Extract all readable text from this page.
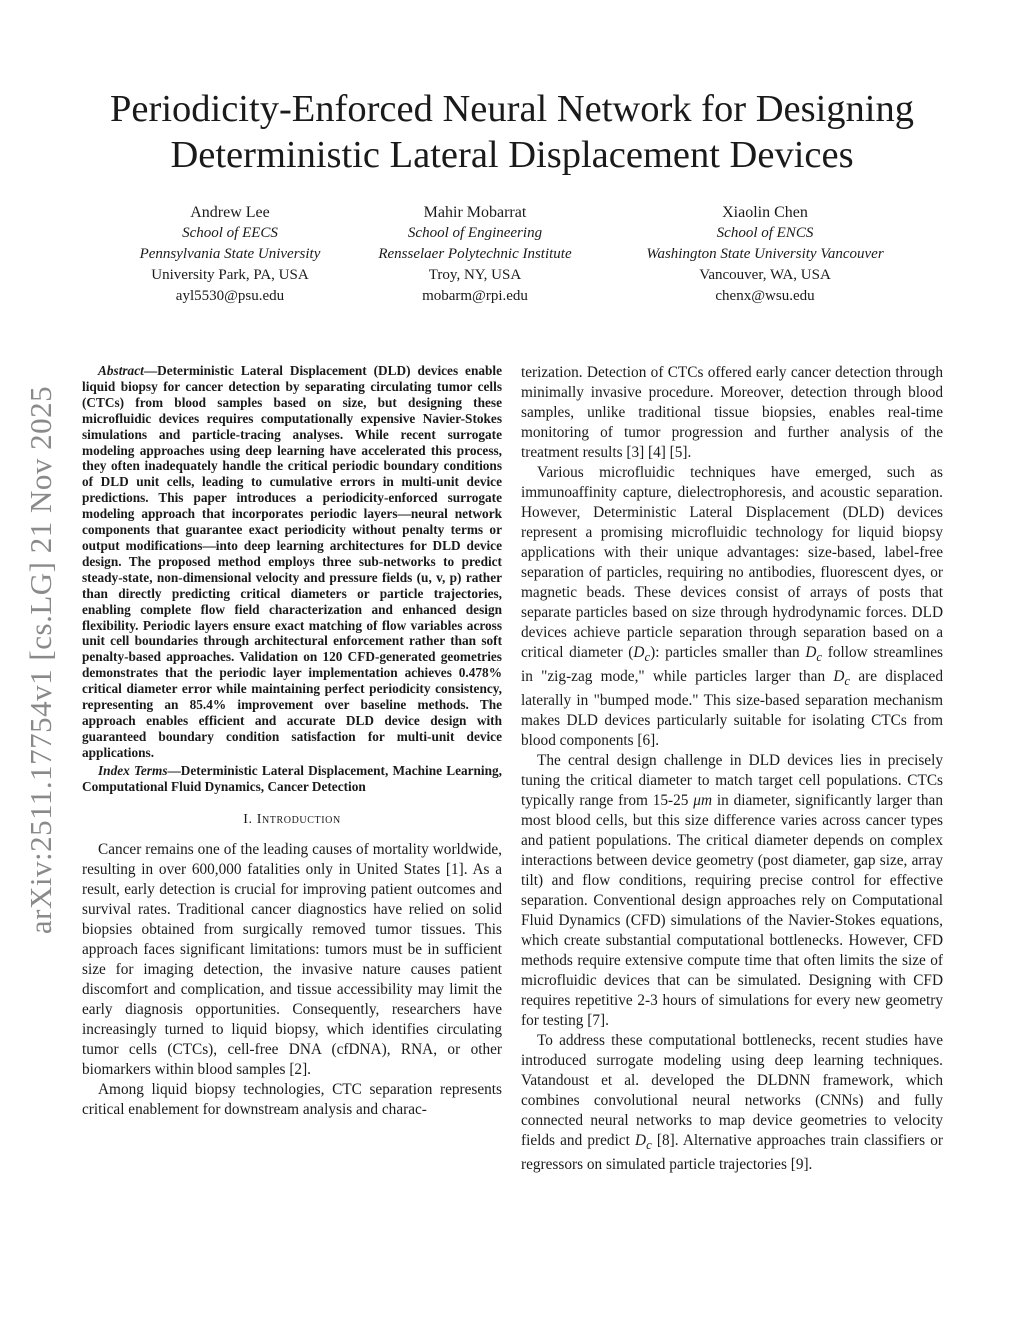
Periodicity-Enforced Neural Network for Designing
Deterministic Lateral Displacement Devices
Andrew Lee
School of EECS
Pennsylvania State University
University Park, PA, USA
ayl5530@psu.edu
Mahir Mobarrat
School of Engineering
Rensselaer Polytechnic Institute
Troy, NY, USA
mobarm@rpi.edu
Xiaolin Chen
School of ENCS
Washington State University Vancouver
Vancouver, WA, USA
chenx@wsu.edu
arXiv:2511.17754v1 [cs.LG] 21 Nov 2025

Abstract—Deterministic Lateral Displacement (DLD) devices enable liquid biopsy for cancer detection by separating circulating tumor cells (CTCs) from blood samples based on size, but designing these microfluidic devices requires computationally expensive Navier-Stokes simulations and particle-tracing analyses. While recent surrogate modeling approaches using deep learning have accelerated this process, they often inadequately handle the critical periodic boundary conditions of DLD unit cells, leading to cumulative errors in multi-unit device predictions. This paper introduces a periodicity-enforced surrogate modeling approach that incorporates periodic layers—neural network components that guarantee exact periodicity without penalty terms or output modifications—into deep learning architectures for DLD device design. The proposed method employs three sub-networks to predict steady-state, non-dimensional velocity and pressure fields (u, v, p) rather than directly predicting critical diameters or particle trajectories, enabling complete flow field characterization and enhanced design flexibility. Periodic layers ensure exact matching of flow variables across unit cell boundaries through architectural enforcement rather than soft penalty-based approaches. Validation on 120 CFD-generated geometries demonstrates that the periodic layer implementation achieves 0.478% critical diameter error while maintaining perfect periodicity consistency, representing an 85.4% improvement over baseline methods. The approach enables efficient and accurate DLD device design with guaranteed boundary condition satisfaction for multi-unit device applications.

Index Terms—Deterministic Lateral Displacement, Machine Learning, Computational Fluid Dynamics, Cancer Detection

I. Introduction

Cancer remains one of the leading causes of mortality worldwide, resulting in over 600,000 fatalities only in United States [1]. As a result, early detection is crucial for improving patient outcomes and survival rates. Traditional cancer diagnostics have relied on solid biopsies obtained from surgically removed tumor tissues. This approach faces significant limitations: tumors must be in sufficient size for imaging detection, the invasive nature causes patient discomfort and complication, and tissue accessibility may limit the early diagnosis opportunities. Consequently, researchers have increasingly turned to liquid biopsy, which identifies circulating tumor cells (CTCs), cell-free DNA (cfDNA), RNA, or other biomarkers within blood samples [2].

Among liquid biopsy technologies, CTC separation represents critical enablement for downstream analysis and charac-

terization. Detection of CTCs offered early cancer detection through minimally invasive procedure. Moreover, detection through blood samples, unlike traditional tissue biopsies, enables real-time monitoring of tumor progression and further analysis of the treatment results [3] [4] [5].

Various microfluidic techniques have emerged, such as immunoaffinity capture, dielectrophoresis, and acoustic separation. However, Deterministic Lateral Displacement (DLD) devices represent a promising microfluidic technology for liquid biopsy applications with their unique advantages: size-based, label-free separation of particles, requiring no antibodies, fluorescent dyes, or magnetic beads. These devices consist of arrays of posts that separate particles based on size through hydrodynamic forces. DLD devices achieve particle separation through separation based on a critical diameter $(D_c)$: particles smaller than $D_c$ follow streamlines in "zig-zag mode," while particles larger than $D_c$ are displaced laterally in "bumped mode." This size-based separation mechanism makes DLD devices particularly suitable for isolating CTCs from blood components [6].

The central design challenge in DLD devices lies in precisely tuning the critical diameter to match target cell populations. CTCs typically range from 15-25 μm in diameter, significantly larger than most blood cells, but this size difference varies across cancer types and patient populations. The critical diameter depends on complex interactions between device geometry (post diameter, gap size, array tilt) and flow conditions, requiring precise control for effective separation. Conventional design approaches rely on Computational Fluid Dynamics (CFD) simulations of the Navier-Stokes equations, which create substantial computational bottlenecks. However, CFD methods require extensive compute time that often limits the size of microfluidic devices that can be simulated. Designing with CFD requires repetitive 2-3 hours of simulations for every new geometry for testing [7].

To address these computational bottlenecks, recent studies have introduced surrogate modeling using deep learning techniques. Vatandoust et al. developed the DLDNN framework, which combines convolutional neural networks (CNNs) and fully connected neural networks to map device geometries to velocity fields and predict $D_c$ [8]. Alternative approaches train classifiers or regressors on simulated particle trajectories [9].
